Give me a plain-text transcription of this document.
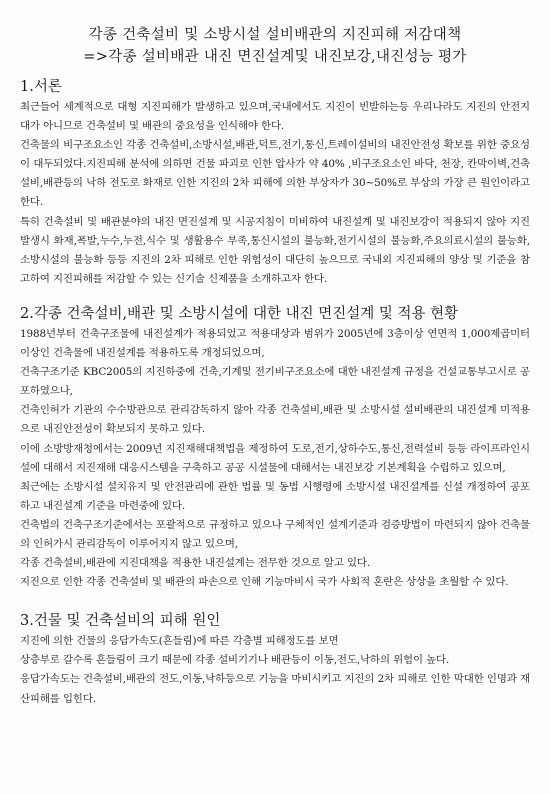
각종 건축설비 및 소방시설 설비배관의 지진피해 저감대책
=>각종 설비배관 내진 면진설계및 내진보강,내진성능 평가
1.서론

최근들어 세계적으로 대형 지진피해가 발생하고 있으며,국내에서도 지진이 빈발하는등 우리나라도 지진의 안전지대가 아니므로 건축설비 및 배관의 중요성을 인식해야 한다.

건축물의 비구조요소인 각종 건축설비,소방시설,배관,덕트,전기,통신,트레이설비의 내진안전성 확보를 위한 중요성이 대두되었다.지진피해 분석에 의하면 건물 파괴로 인한 압사가 약 40% ,비구조요소인 바닥, 천장, 칸막이벽,건축설비,배관등의 낙하 전도로 화재로 인한 지진의 2차 피해에 의한 부상자가 30~50%로 부상의 가장 큰 원인이라고 한다.

특히 건축설비 및 배관분야의 내진 면진설계 및 시공지침이 미비하여 내진설계 및 내진보강이 적용되지 않아 지진발생시 화재,폭발,누수,누전,식수 및 생활용수 부족,통신시설의 불능화,전기시설의 불능화,주요의료시설의 불능화,소방시설의 불능화 등등 지진의 2차 피해로 인한 위험성이 대단히 높으므로 국내외 지진피해의 양상 및 기준을 참고하여 지진피해를 저감할 수 있는 신기술 신제품을 소개하고자 한다.

2.각종 건축설비,배관 및 소방시설에 대한 내진 면진설계 및 적용 현황

1988년부터 건축구조물에 내진설계가 적용되었고 적용대상과 범위가 2005년에 3층이상 연면적 1,000제곱미터 이상인 건축물에 내진설계를 적용하도록 개정되었으며,

건축구조기준 KBC2005의 지진하중에 건축,기계및 전기비구조요소에 대한 내진설계 규정을 건설교통부고시로 공포하였으나,

건축인허가 기관의 수수방관으로 관리감독하지 않아 각종 건축설비,배관 및 소방시설 설비배관의 내진설계 미적용으로 내진안전성이 확보되지 못하고 있다.

이에 소방방재청에서는 2009년 지진재해대책법을 제정하여 도로,전기,상하수도,통신,전력설비 등등 라이프라인시설에 대해서 지진재해 대응시스템을 구축하고 공공 시설물에 대해서는 내진보강 기본계획을 수립하고 있으며,

최근에는 소방시설 설치유지 및 안전관리에 관한 법률 및 동법 시행령에 소방시설 내진설계를 신설 개정하여 공포하고 내진설계 기준을 마련중에 있다.

건축법의 건축구조기준에서는 포괄적으로 규정하고 있으나 구체적인 설계기준과 검증방법이 마련되지 않아 건축물의 인허가시 관리감독이 이루어지지 않고 있으며,

각종 건축설비,배관에 지진대책을 적용한 내진설계는 전무한 것으로 알고 있다.

지진으로 인한 각종 건축설비 및 배관의 파손으로 인해 기능마비시 국가 사회적 혼란은 상상을 초월할 수 있다.

3.건물 및 건축설비의 피해 원인

지진에 의한 건물의 응답가속도(흔들림)에 따른 각층별 피해정도를 보면

상층부로 갈수록 흔들림이 크기 때문에 각종 설비기기나 배관등이 이동,전도,낙하의 위험이 높다.

응답가속도는 건축설비,배관의 전도,이동,낙하등으로 기능을 마비시키고 지진의 2차 피해로 인한 막대한 인명과 재산피해를 입힌다.
